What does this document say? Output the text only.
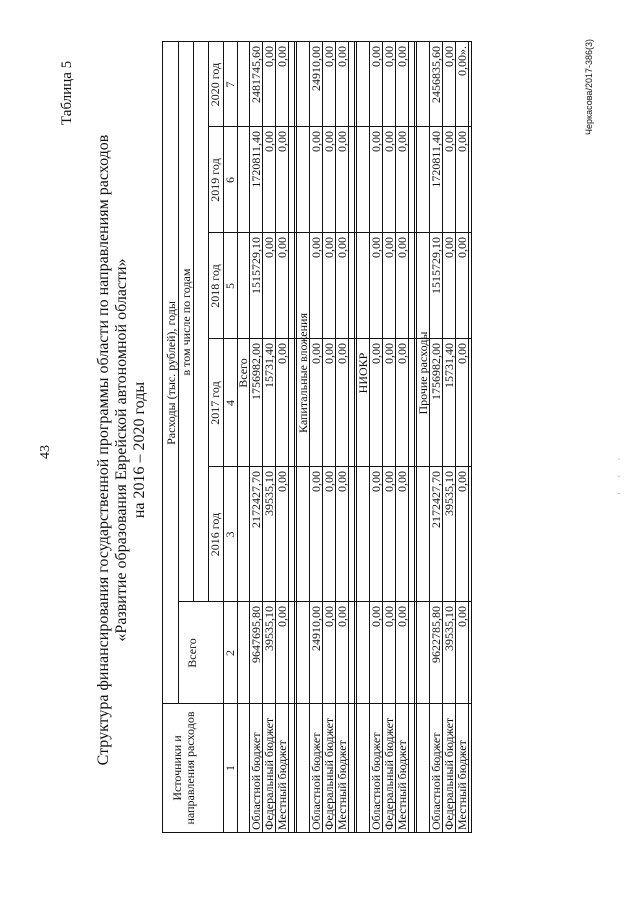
43
Таблица 5
Структура финансирования государственной программы области по направлениям расходов «Развитие образования Еврейской автономной области» на 2016 – 2020 годы
Источники и направления расходов
Расходы (тыс. рублей), годы
Всего
в том числе по годам
2016 год
2017 год
2018 год
2019 год
2020 год
1
2
3
4
5
6
7
Всего
Областной бюджет
9647695,80
2172427,70
1756982,00
1515729,10
1720811,40
2481745,60
Федеральный бюджет
39535,10
39535,10
15731,40
0,00
0,00
0,00
Местный бюджет
0,00
0,00
0,00
0,00
0,00
0,00
Капитальные вложения
Областной бюджет
24910,00
0,00
0,00
0,00
0,00
24910,00
Федеральный бюджет
0,00
0,00
0,00
0,00
0,00
0,00
Местный бюджет
0,00
0,00
0,00
0,00
0,00
0,00
НИОКР
Областной бюджет
0,00
0,00
0,00
0,00
0,00
0,00
Федеральный бюджет
0,00
0,00
0,00
0,00
0,00
0,00
Местный бюджет
0,00
0,00
0,00
0,00
0,00
0,00
Прочие расходы
Областной бюджет
9622785,80
2172427,70
1756982,00
1515729,10
1720811,40
2456835,60
Федеральный бюджет
39535,10
39535,10
15731,40
0,00
0,00
0,00
Местный бюджет
0,00
0,00
0,00
0,00
0,00
0,00».	Черкасова/2017-386(3)
· · ·
